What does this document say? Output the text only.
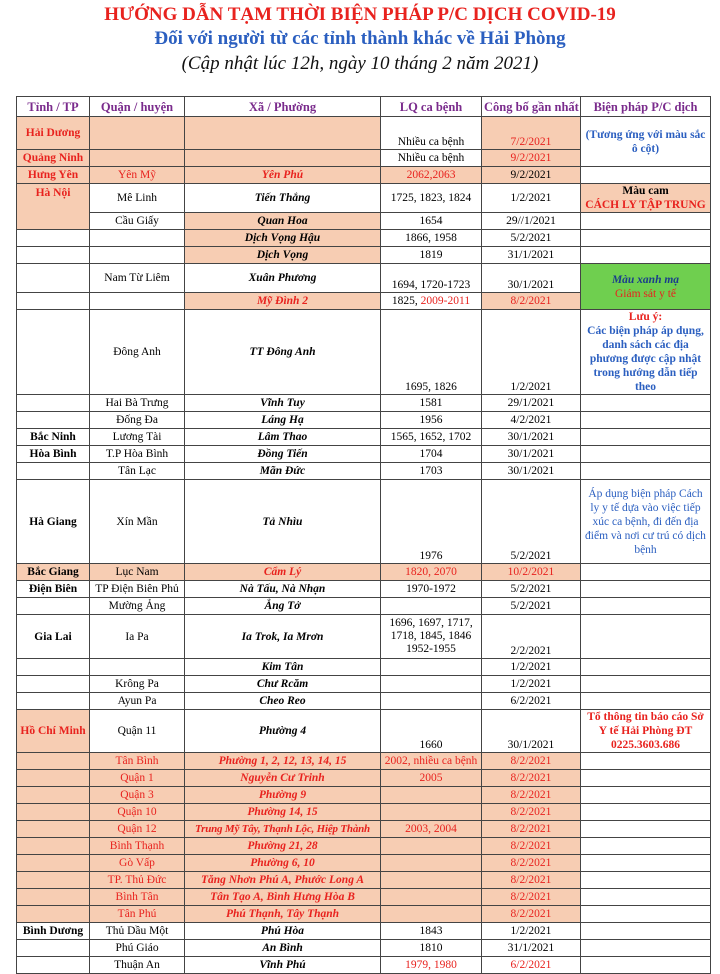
HƯỚNG DẪN TẠM THỜI BIỆN PHÁP P/C DỊCH COVID-19
Đối với người từ các tỉnh thành khác về Hải Phòng
(Cập nhật lúc 12h, ngày 10 tháng 2 năm 2021)
Tỉnh / TP	Quận / huyện	Xã / Phường	LQ ca bệnh	Công bố gần nhất	Biện pháp P/C dịch
Hải Dương			Nhiều ca bệnh	7/2/2021	(Tương ứng với màu sắc ô cột)
Quảng Ninh			Nhiều ca bệnh	9/2/2021	
Hưng Yên	Yên Mỹ	Yên Phú	2062,2063	9/2/2021	
Hà Nội	Mê Linh	Tiến Thắng	1725, 1823, 1824	1/2/2021	Màu cam
CÁCH LY TẬP TRUNG

	Cầu Giấy	Quan Hoa	1654	29//1/2021	
		Dịch Vọng Hậu	1866, 1958	5/2/2021	
		Dịch Vọng	1819	31/1/2021	
	Nam Từ Liêm	Xuân Phương	1694, 1720-1723	30/1/2021	Màu xanh mạ
Giám sát y tế

		Mỹ Đình 2	1825, 2009-2011	8/2/2021	
	Đông Anh	TT Đông Anh	1695, 1826	1/2/2021	Lưu ý:
Các biện pháp áp dụng, danh sách các địa phương được cập nhật trong hướng dẫn tiếp theo

	Hai Bà Trưng	Vĩnh Tuy	1581	29/1/2021	
	Đống Đa	Láng Hạ	1956	4/2/2021	
Bắc Ninh	Lương Tài	Lâm Thao	1565, 1652, 1702	30/1/2021	
Hòa Bình	T.P Hòa Bình	Đồng Tiến	1704	30/1/2021	
	Tân Lạc	Mãn Đức	1703	30/1/2021	
Hà Giang	Xín Mần	Tả Nhìu	1976	5/2/2021	Áp dụng biện pháp Cách ly y tế dựa vào việc tiếp xúc ca bệnh, đi đến địa điểm và nơi cư trú có dịch bệnh
Bắc Giang	Lục Nam	Cẩm Lý	1820, 2070	10/2/2021	
Điện Biên	TP Điện Biên Phủ	Nà Tấu, Nà Nhạn	1970-1972	5/2/2021	
	Mường Ảng	Ẳng Tở		5/2/2021	
Gia Lai	Ia Pa	Ia Trok, Ia Mrơn	1696, 1697, 1717,
1718, 1845, 1846
1952-1955	2/2/2021	
		Kim Tân		1/2/2021	
	Krông Pa	Chư Rcăm		1/2/2021	
	Ayun Pa	Cheo Reo		6/2/2021	
Hồ Chí Minh	Quận 11	Phường 4	1660	30/1/2021	Tổ thông tin báo cáo Sở Y tế Hải Phòng ĐT 0225.3603.686
	Tân Bình	Phường 1, 2, 12, 13, 14, 15	2002, nhiều ca bệnh	8/2/2021	
	Quận 1	Nguyễn Cư Trinh	2005	8/2/2021	
	Quận 3	Phường 9		8/2/2021	
	Quận 10	Phường 14, 15		8/2/2021	
	Quận 12	Trung Mỹ Tây, Thạnh Lộc, Hiệp Thành	2003, 2004	8/2/2021	
	Bình Thạnh	Phường 21, 28		8/2/2021	
	Gò Vấp	Phường 6, 10		8/2/2021	
	TP. Thủ Đức	Tăng Nhơn Phú A, Phước Long A		8/2/2021	
	Bình Tân	Tân Tạo A, Bình Hưng Hòa B		8/2/2021	
	Tân Phú	Phú Thạnh, Tây Thạnh		8/2/2021	
Bình Dương	Thủ Dầu Một	Phú Hòa	1843	1/2/2021	
	Phú Giáo	An Bình	1810	31/1/2021	
	Thuận An	Vĩnh Phú	1979, 1980	6/2/2021	
